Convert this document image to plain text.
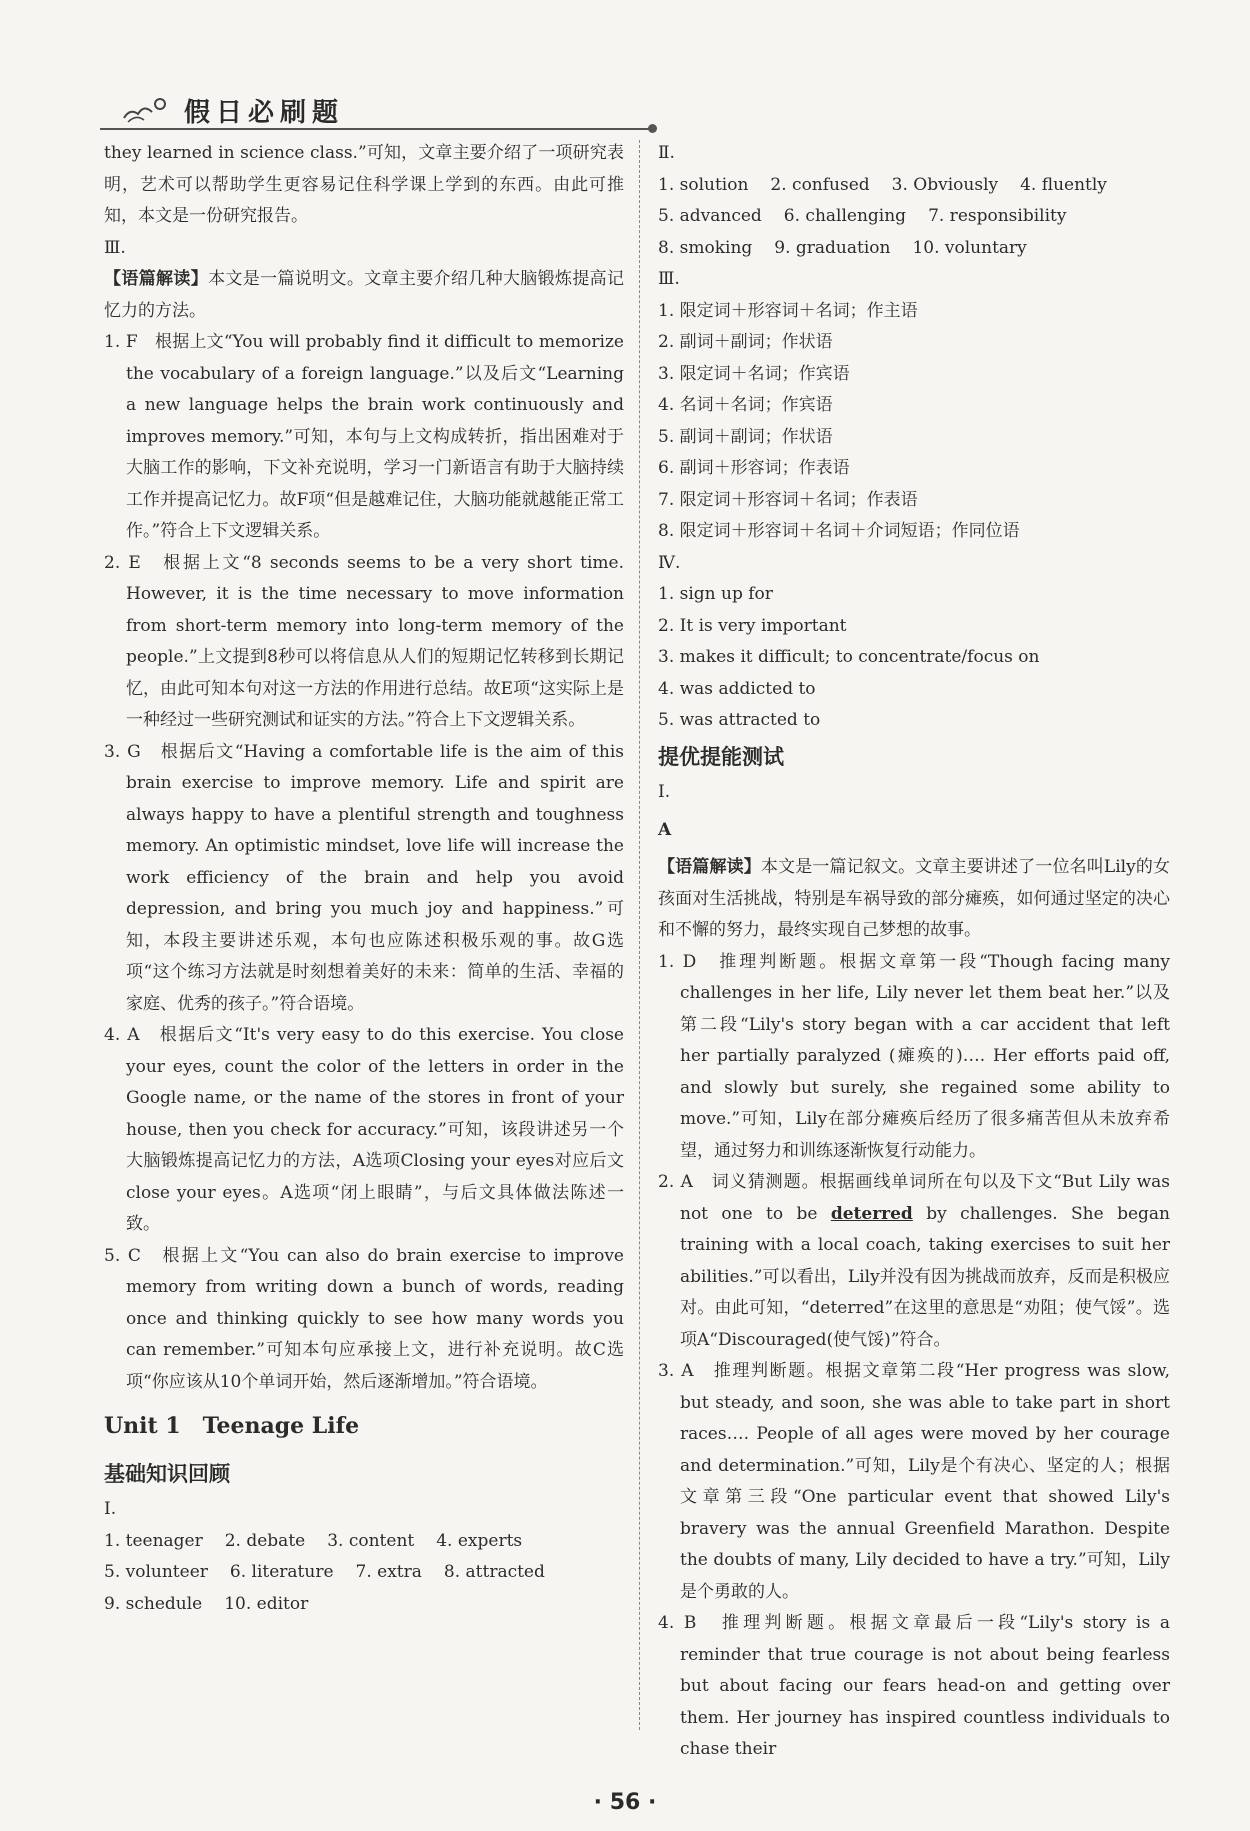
假日必刷题

they learned in science class.”可知，文章主要介绍了一项研究表明，艺术可以帮助学生更容易记住科学课上学到的东西。由此可推知，本文是一份研究报告。

Ⅲ.

【语篇解读】本文是一篇说明文。文章主要介绍几种大脑锻炼提高记忆力的方法。

1. F　根据上文“You will probably find it difficult to memorize the vocabulary of a foreign language.”以及后文“Learning a new language helps the brain work continuously and improves memory.”可知，本句与上文构成转折，指出困难对于大脑工作的影响，下文补充说明，学习一门新语言有助于大脑持续工作并提高记忆力。故F项“但是越难记住，大脑功能就越能正常工作。”符合上下文逻辑关系。

2. E　根据上文“8 seconds seems to be a very short time. However, it is the time necessary to move information from short-term memory into long-term memory of the people.”上文提到8秒可以将信息从人们的短期记忆转移到长期记忆，由此可知本句对这一方法的作用进行总结。故E项“这实际上是一种经过一些研究测试和证实的方法。”符合上下文逻辑关系。

3. G　根据后文“Having a comfortable life is the aim of this brain exercise to improve memory. Life and spirit are always happy to have a plentiful strength and toughness memory. An optimistic mindset, love life will increase the work efficiency of the brain and help you avoid depression, and bring you much joy and happiness.”可知，本段主要讲述乐观，本句也应陈述积极乐观的事。故G选项“这个练习方法就是时刻想着美好的未来：简单的生活、幸福的家庭、优秀的孩子。”符合语境。

4. A　根据后文“It's very easy to do this exercise. You close your eyes, count the color of the letters in order in the Google name, or the name of the stores in front of your house, then you check for accuracy.”可知，该段讲述另一个大脑锻炼提高记忆力的方法，A选项Closing your eyes对应后文close your eyes。A选项“闭上眼睛”，与后文具体做法陈述一致。

5. C　根据上文“You can also do brain exercise to improve memory from writing down a bunch of words, reading once and thinking quickly to see how many words you can remember.”可知本句应承接上文，进行补充说明。故C选项“你应该从10个单词开始，然后逐渐增加。”符合语境。

Unit 1　Teenage Life

基础知识回顾

Ⅰ.

1. teenager 2. debate 3. content 4. experts
5. volunteer 6. literature 7. extra 8. attracted
9. schedule 10. editor

Ⅱ.

1. solution 2. confused 3. Obviously 4. fluently
5. advanced 6. challenging 7. responsibility
8. smoking 9. graduation 10. voluntary

Ⅲ.

1. 限定词＋形容词＋名词；作主语

2. 副词＋副词；作状语

3. 限定词＋名词；作宾语

4. 名词＋名词；作宾语

5. 副词＋副词；作状语

6. 副词＋形容词；作表语

7. 限定词＋形容词＋名词；作表语

8. 限定词＋形容词＋名词＋介词短语；作同位语

Ⅳ.

1. sign up for

2. It is very important

3. makes it difficult; to concentrate/focus on

4. was addicted to

5. was attracted to

提优提能测试

Ⅰ.

A

【语篇解读】本文是一篇记叙文。文章主要讲述了一位名叫Lily的女孩面对生活挑战，特别是车祸导致的部分瘫痪，如何通过坚定的决心和不懈的努力，最终实现自己梦想的故事。

1. D　推理判断题。根据文章第一段“Though facing many challenges in her life, Lily never let them beat her.”以及第二段“Lily's story began with a car accident that left her partially paralyzed (瘫痪的)…. Her efforts paid off, and slowly but surely, she regained some ability to move.”可知，Lily在部分瘫痪后经历了很多痛苦但从未放弃希望，通过努力和训练逐渐恢复行动能力。

2. A　词义猜测题。根据画线单词所在句以及下文“But Lily was not one to be deterred by challenges. She began training with a local coach, taking exercises to suit her abilities.”可以看出，Lily并没有因为挑战而放弃，反而是积极应对。由此可知，“deterred”在这里的意思是“劝阻；使气馁”。选项A“Discouraged(使气馁)”符合。

3. A　推理判断题。根据文章第二段“Her progress was slow, but steady, and soon, she was able to take part in short races…. People of all ages were moved by her courage and determination.”可知，Lily是个有决心、坚定的人；根据文章第三段“One particular event that showed Lily's bravery was the annual Greenfield Marathon. Despite the doubts of many, Lily decided to have a try.”可知，Lily是个勇敢的人。

4. B　推理判断题。根据文章最后一段“Lily's story is a reminder that true courage is not about being fearless but about facing our fears head-on and getting over them. Her journey has inspired countless individuals to chase their

· 56 ·
